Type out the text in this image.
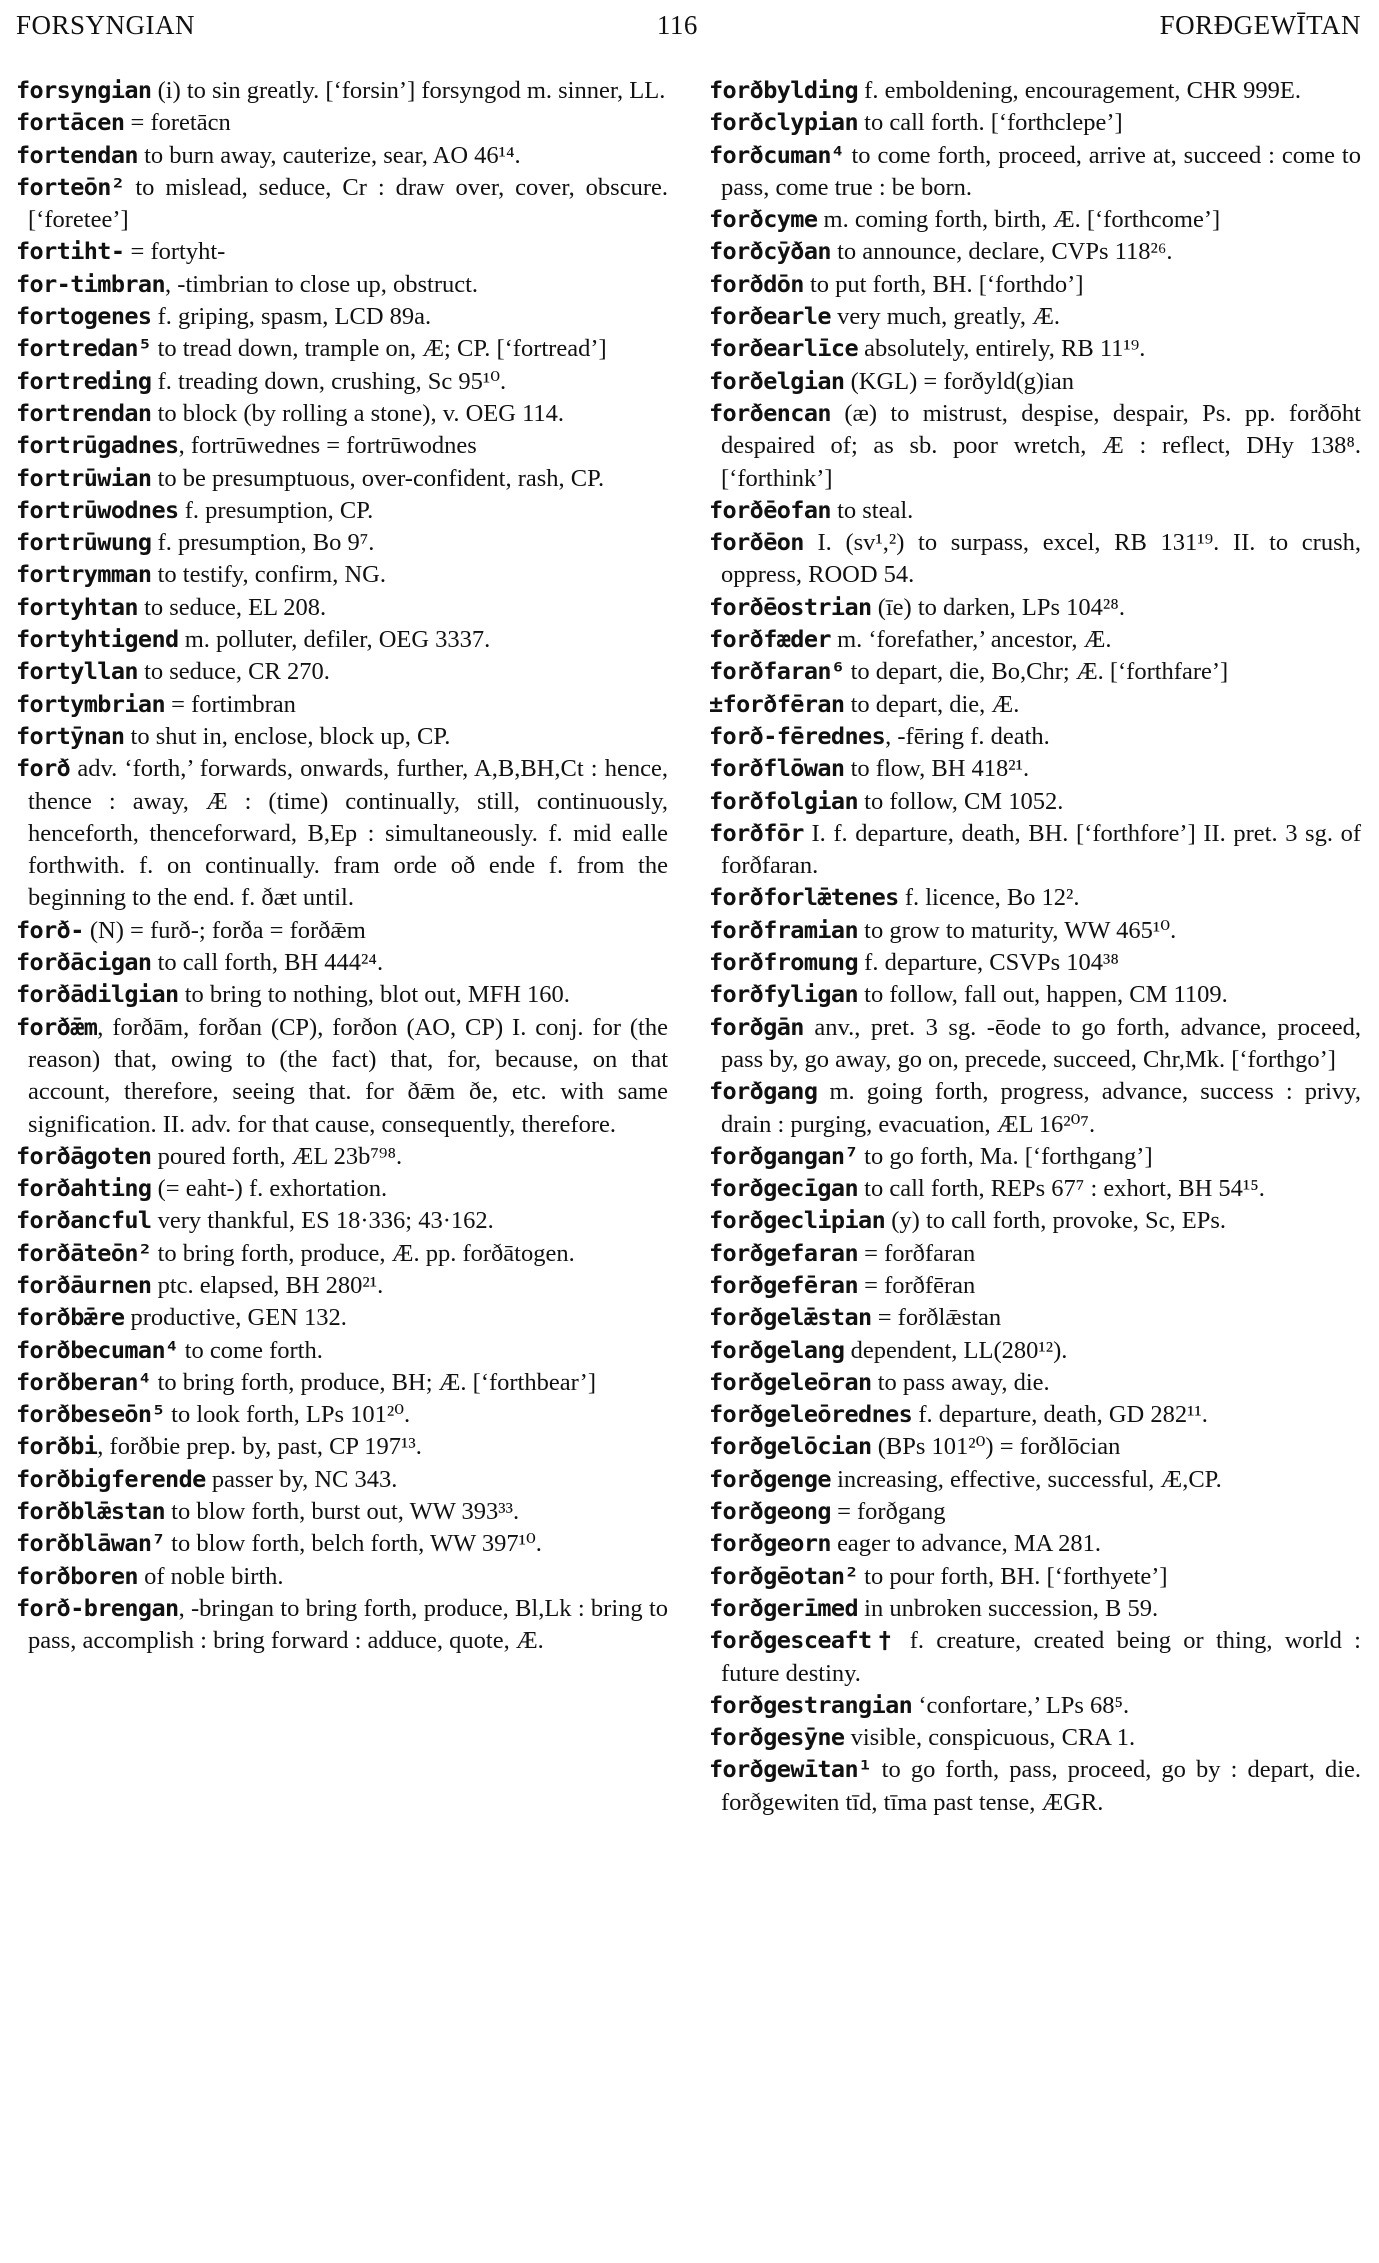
FORSYNGIAN	116	FORÐGEWĪTAN

forsyngian (i) to sin greatly. [‘forsin’] forsyngod m. sinner, LL.

fortācen = foretācn

fortendan to burn away, cauterize, sear, AO 46¹⁴.

forteōn² to mislead, seduce, Cr : draw over, cover, obscure. [‘foretee’]

fortiht- = fortyht-

for-timbran, -timbrian to close up, obstruct.

fortogenes f. griping, spasm, LCD 89a.

fortredan⁵ to tread down, trample on, Æ; CP. [‘fortread’]

fortreding f. treading down, crushing, Sc 95¹⁰.

fortrendan to block (by rolling a stone), v. OEG 114.

fortrūgadnes, fortrūwednes = fortrūwodnes

fortrūwian to be presumptuous, over-confident, rash, CP.

fortrūwodnes f. presumption, CP.

fortrūwung f. presumption, Bo 9⁷.

fortrymman to testify, confirm, NG.

fortyhtan to seduce, EL 208.

fortyhtigend m. polluter, defiler, OEG 3337.

fortyllan to seduce, CR 270.

fortymbrian = fortimbran

fortȳnan to shut in, enclose, block up, CP.

forð adv. ‘forth,’ forwards, onwards, further, A,B,BH,Ct : hence, thence : away, Æ : (time) continually, still, continuously, henceforth, thenceforward, B,Ep : simultaneously. f. mid ealle forthwith. f. on continually. fram orde oð ende f. from the beginning to the end. f. ðæt until.

forð- (N) = furð-; forða = forðǣm

forðācigan to call forth, BH 444²⁴.

forðādilgian to bring to nothing, blot out, MFH 160.

forðǣm, forðām, forðan (CP), forðon (AO, CP) I. conj. for (the reason) that, owing to (the fact) that, for, because, on that account, therefore, seeing that. for ðǣm ðe, etc. with same signification. II. adv. for that cause, consequently, therefore.

forðāgoten poured forth, ÆL 23b⁷⁹⁸.

forðahting (= eaht-) f. exhortation.

forðancful very thankful, ES 18·336; 43·162.

forðāteōn² to bring forth, produce, Æ. pp. forðātogen.

forðāurnen ptc. elapsed, BH 280²¹.

forðbǣre productive, GEN 132.

forðbecuman⁴ to come forth.

forðberan⁴ to bring forth, produce, BH; Æ. [‘forthbear’]

forðbeseōn⁵ to look forth, LPs 101²⁰.

forðbi, forðbie prep. by, past, CP 197¹³.

forðbigferende passer by, NC 343.

forðblǣstan to blow forth, burst out, WW 393³³.

forðblāwan⁷ to blow forth, belch forth, WW 397¹⁰.

forðboren of noble birth.

forð-brengan, -bringan to bring forth, produce, Bl,Lk : bring to pass, accomplish : bring forward : adduce, quote, Æ.

forðbylding f. emboldening, encouragement, CHR 999E.

forðclypian to call forth. [‘forthclepe’]

forðcuman⁴ to come forth, proceed, arrive at, succeed : come to pass, come true : be born.

forðcyme m. coming forth, birth, Æ. [‘forthcome’]

forðcȳðan to announce, declare, CVPs 118²⁶.

forðdōn to put forth, BH. [‘forthdo’]

forðearle very much, greatly, Æ.

forðearlīce absolutely, entirely, RB 11¹⁹.

forðelgian (KGL) = forðyld(g)ian

forðencan (æ) to mistrust, despise, despair, Ps. pp. forðōht despaired of; as sb. poor wretch, Æ : reflect, DHy 138⁸. [‘forthink’]

forðēofan to steal.

forðēon I. (sv¹,²) to surpass, excel, RB 131¹⁹. II. to crush, oppress, ROOD 54.

forðēostrian (īe) to darken, LPs 104²⁸.

forðfæder m. ‘forefather,’ ancestor, Æ.

forðfaran⁶ to depart, die, Bo,Chr; Æ. [‘forthfare’]

±forðfēran to depart, die, Æ.

forð-fērednes, -fēring f. death.

forðflōwan to flow, BH 418²¹.

forðfolgian to follow, CM 1052.

forðfōr I. f. departure, death, BH. [‘forthfore’] II. pret. 3 sg. of forðfaran.

forðforlǣtenes f. licence, Bo 12².

forðframian to grow to maturity, WW 465¹⁰.

forðfromung f. departure, CSVPs 104³⁸

forðfyligan to follow, fall out, happen, CM 1109.

forðgān anv., pret. 3 sg. -ēode to go forth, advance, proceed, pass by, go away, go on, precede, succeed, Chr,Mk. [‘forthgo’]

forðgang m. going forth, progress, advance, success : privy, drain : purging, evacuation, ÆL 16²⁰⁷.

forðgangan⁷ to go forth, Ma. [‘forthgang’]

forðgecīgan to call forth, REPs 67⁷ : exhort, BH 54¹⁵.

forðgeclipian (y) to call forth, provoke, Sc, EPs.

forðgefaran = forðfaran

forðgefēran = forðfēran

forðgelǣstan = forðlǣstan

forðgelang dependent, LL(280¹²).

forðgeleōran to pass away, die.

forðgeleōrednes f. departure, death, GD 282¹¹.

forðgelōcian (BPs 101²⁰) = forðlōcian

forðgenge increasing, effective, successful, Æ,CP.

forðgeong = forðgang

forðgeorn eager to advance, MA 281.

forðgēotan² to pour forth, BH. [‘forthyete’]

forðgerīmed in unbroken succession, B 59.

forðgesceaft† f. creature, created being or thing, world : future destiny.

forðgestrangian ‘confortare,’ LPs 68⁵.

forðgesȳne visible, conspicuous, CRA 1.

forðgewītan¹ to go forth, pass, proceed, go by : depart, die. forðgewiten tīd, tīma past tense, ÆGR.
